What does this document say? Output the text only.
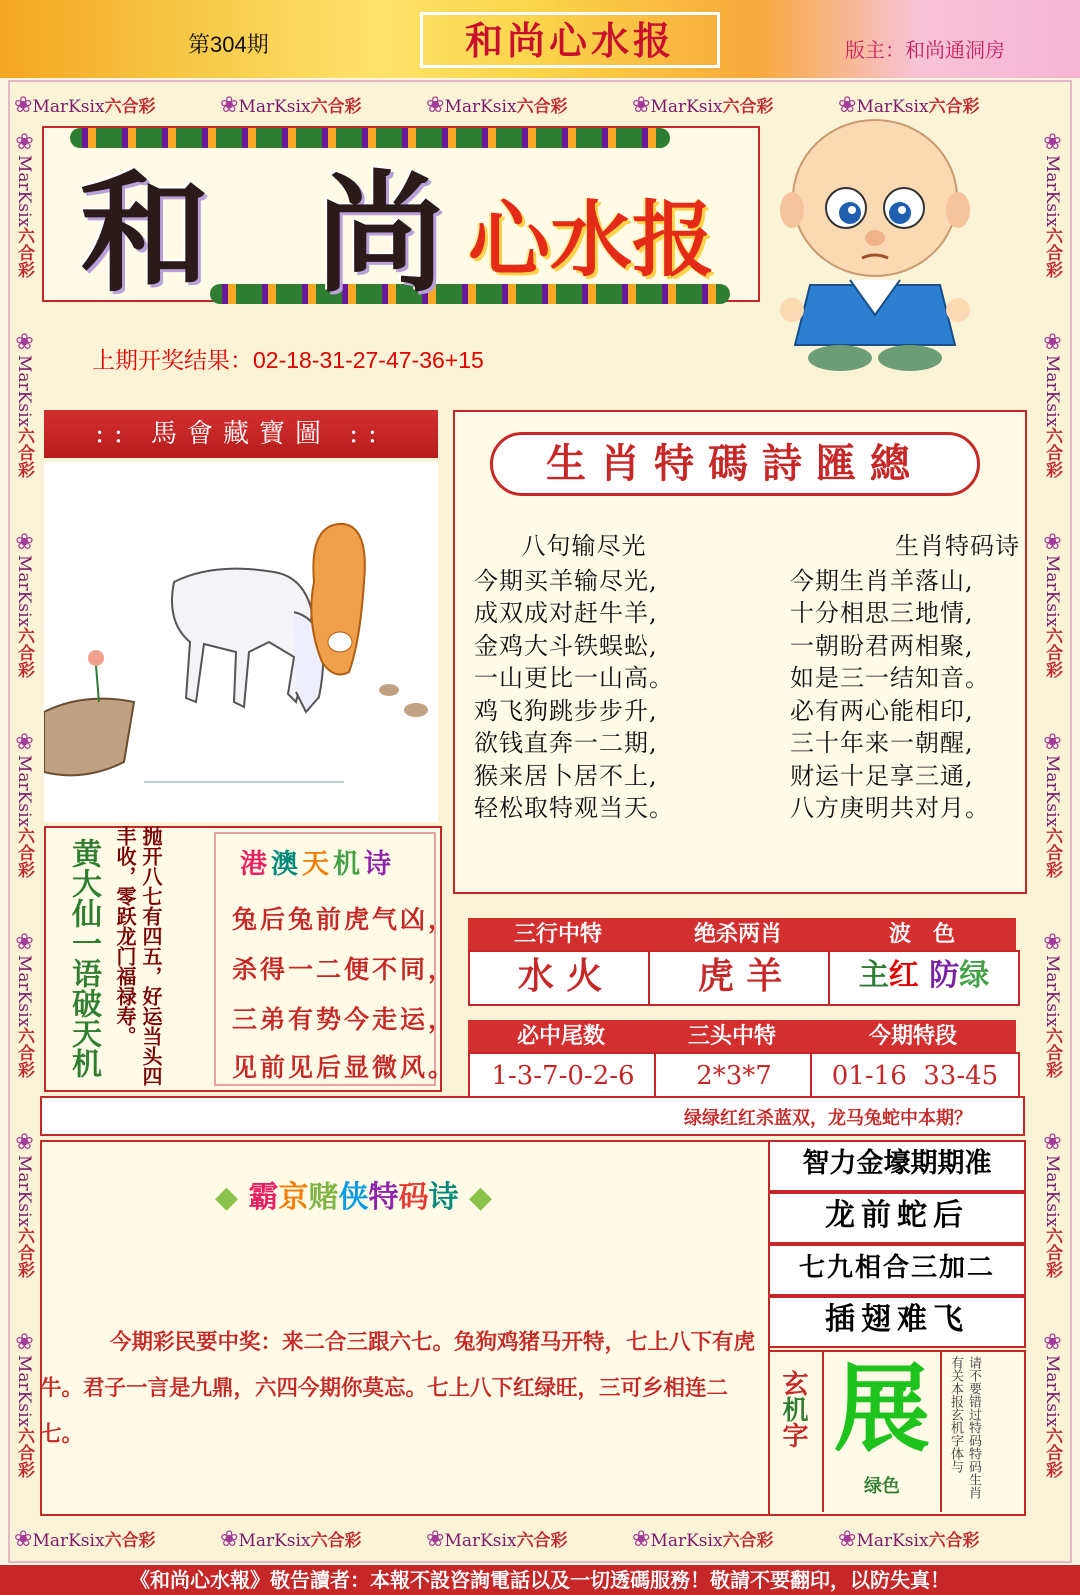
第304期	和尚心水报	版主：和尚通洞房
❀MarKsix六合彩	❀MarKsix六合彩	❀MarKsix六合彩	❀MarKsix六合彩	❀MarKsix六合彩
❀MarKsix六合彩	❀MarKsix六合彩	❀MarKsix六合彩	❀MarKsix六合彩	❀MarKsix六合彩
❀MarKsix六合彩
❀MarKsix六合彩
❀MarKsix六合彩
❀MarKsix六合彩
❀MarKsix六合彩
❀MarKsix六合彩
❀MarKsix六合彩
❀MarKsix六合彩
❀MarKsix六合彩
❀MarKsix六合彩
❀MarKsix六合彩
❀MarKsix六合彩
❀MarKsix六合彩
❀MarKsix六合彩
和 尚
心水报
上期开奖结果：02-18-31-27-47-36+15
:: 馬會藏寶圖 ::
生肖特碼詩匯總
八句输尽光
今期买羊输尽光,
成双成对赶牛羊,
金鸡大斗铁蜈蚣,
一山更比一山高。
鸡飞狗跳步步升,
欲钱直奔一二期,
猴来居卜居不上,
轻松取特观当天。
生肖特码诗
今期生肖羊落山,
十分相思三地情,
一朝盼君两相聚,
如是三一结知音。
必有两心能相印,
三十年来一朝醒,
财运十足享三通,
八方庚明共对月。
黄大仙一语破天机	抛开八七有四五，好运当头四丰收，零跃龙门福禄寿。
港澳天机诗
兔后兔前虎气凶，
杀得一二便不同，
三弟有势今走运，
见前见后显微风。
三行中特	绝杀两肖	波　色
水 火	虎 羊	主红 防绿
必中尾数	三头中特	今期特段
1-3-7-0-2-6	2*3*7	01-16  33-45
绿绿红红杀蓝双，龙马兔蛇中本期？
◆ 霸京赌侠特码诗 ◆
今期彩民要中奖：来二合三跟六七。兔狗鸡猪马开特，七上八下有虎牛。君子一言是九鼎，六四今期你莫忘。七上八下红绿旺，三可乡相连二七。
智力金壕期期准
龙前蛇后
七九相合三加二
插翅难飞
玄机字 展
绿色
请不要错过特码特码生肖有关本报玄机字体与
《和尚心水報》敬告讀者：本報不設咨詢電話以及一切透碼服務！敬請不要翻印，以防失真！
